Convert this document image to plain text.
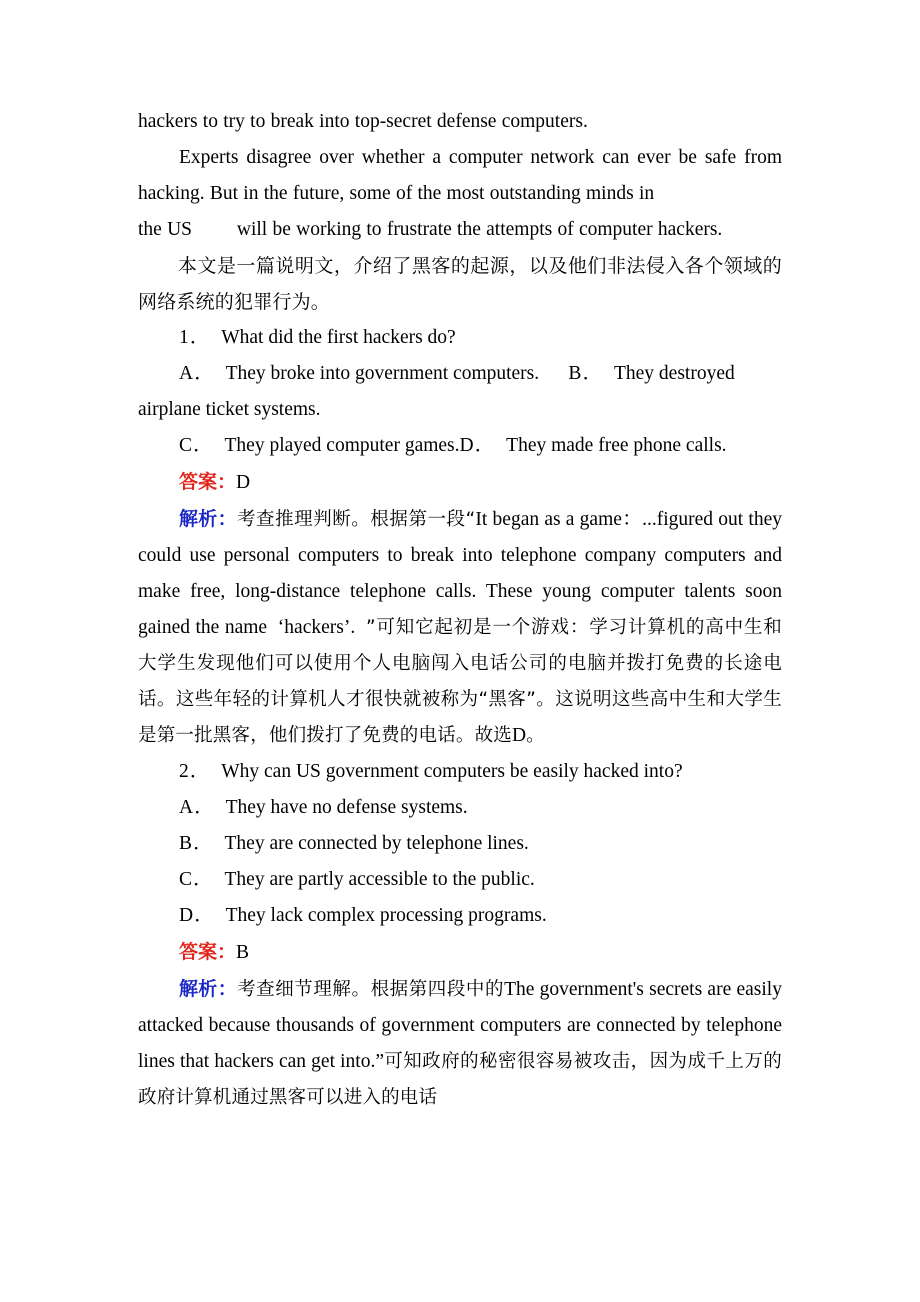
hackers to try to break into top-secret defense computers.

Experts disagree over whether a computer network can ever be safe from hacking. But in the future, some of the most outstanding minds in

the US will be working to frustrate the attempts of computer hackers.

本文是一篇说明文，介绍了黑客的起源，以及他们非法侵入各个领域的网络系统的犯罪行为。

1． What did the first hackers do?

A． They broke into government computers. B． They destroyed

airplane ticket systems.

C． They played computer games.D． They made free phone calls.

答案：D

解析：考查推理判断。根据第一段“It began as a game：...figured out they could use personal computers to break into telephone company computers and make free, long-distance telephone calls. These young computer talents soon gained the name ‘hackers’. ”可知它起初是一个游戏：学习计算机的高中生和大学生发现他们可以使用个人电脑闯入电话公司的电脑并拨打免费的长途电话。这些年轻的计算机人才很快就被称为“黑客”。这说明这些高中生和大学生是第一批黑客，他们拨打了免费的电话。故选D。

2． Why can US government computers be easily hacked into?

A． They have no defense systems.

B． They are connected by telephone lines.

C． They are partly accessible to the public.

D． They lack complex processing programs.

答案：B

解析：考查细节理解。根据第四段中的The government's secrets are easily attacked because thousands of government computers are connected by telephone lines that hackers can get into.”可知政府的秘密很容易被攻击，因为成千上万的政府计算机通过黑客可以进入的电话
